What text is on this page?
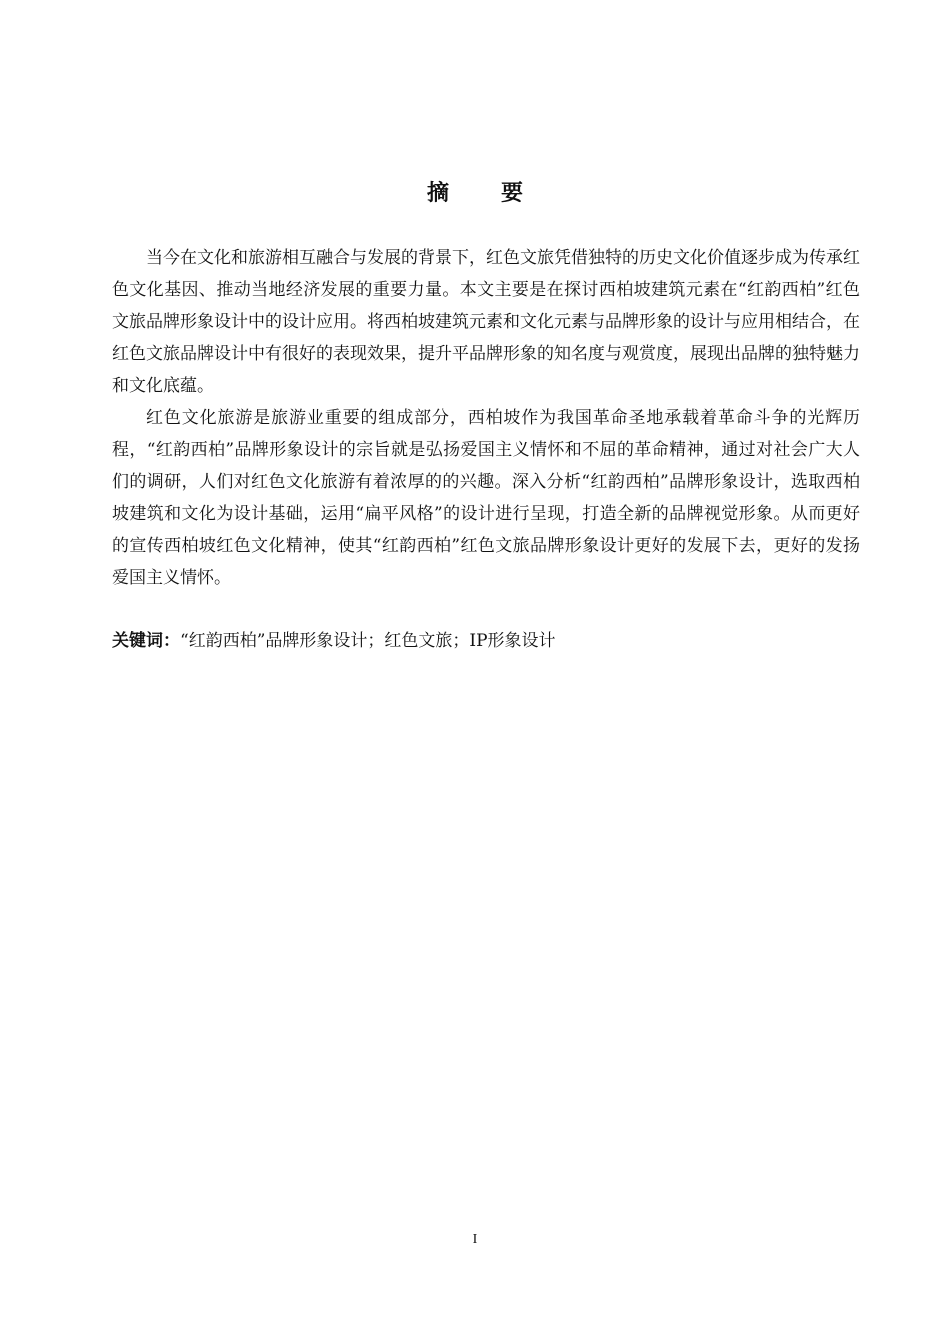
摘要

当今在文化和旅游相互融合与发展的背景下，红色文旅凭借独特的历史文化价值逐步成为传承红色文化基因、推动当地经济发展的重要力量。本文主要是在探讨西柏坡建筑元素在“红韵西柏”红色文旅品牌形象设计中的设计应用。将西柏坡建筑元素和文化元素与品牌形象的设计与应用相结合，在红色文旅品牌设计中有很好的表现效果，提升平品牌形象的知名度与观赏度，展现出品牌的独特魅力和文化底蕴。

红色文化旅游是旅游业重要的组成部分，西柏坡作为我国革命圣地承载着革命斗争的光辉历程，“红韵西柏”品牌形象设计的宗旨就是弘扬爱国主义情怀和不屈的革命精神，通过对社会广大人们的调研，人们对红色文化旅游有着浓厚的的兴趣。深入分析“红韵西柏”品牌形象设计，选取西柏坡建筑和文化为设计基础，运用“扁平风格”的设计进行呈现，打造全新的品牌视觉形象。从而更好的宣传西柏坡红色文化精神，使其“红韵西柏”红色文旅品牌形象设计更好的发展下去，更好的发扬爱国主义情怀。

关键词：“红韵西柏”品牌形象设计；红色文旅；IP形象设计
I
